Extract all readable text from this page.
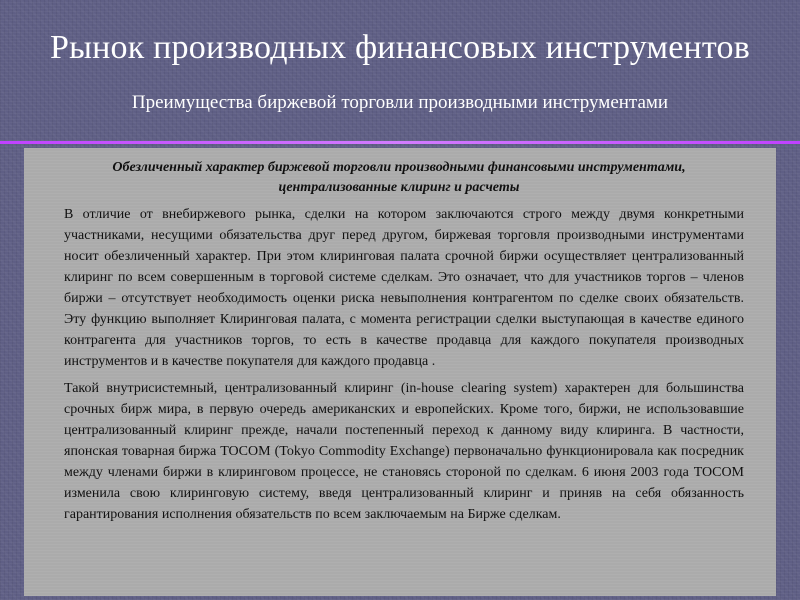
Рынок производных финансовых инструментов
Преимущества биржевой торговли производными инструментами
Обезличенный характер биржевой торговли производными финансовыми инструментами, централизованные клиринг и расчеты

В отличие от внебиржевого рынка, сделки на котором заключаются строго между двумя конкретными участниками, несущими обязательства друг перед другом, биржевая торговля производными инструментами носит обезличенный характер. При этом клиринговая палата срочной биржи осуществляет централизованный клиринг по всем совершенным в торговой системе сделкам. Это означает, что для участников торгов – членов биржи – отсутствует необходимость оценки риска невыполнения контрагентом по сделке своих обязательств. Эту функцию выполняет Клиринговая палата, с момента регистрации сделки выступающая в качестве единого контрагента для участников торгов, то есть в качестве продавца для каждого покупателя производных инструментов и в качестве покупателя для каждого продавца .

Такой внутрисистемный, централизованный клиринг (in-house clearing system) характерен для большинства срочных бирж мира, в первую очередь американских и европейских. Кроме того, биржи, не использовавшие централизованный клиринг прежде, начали постепенный переход к данному виду клиринга. В частности, японская товарная биржа TOCOM (Tokyo Commodity Exchange) первоначально функционировала как посредник между членами биржи в клиринговом процессе, не становясь стороной по сделкам. 6 июня 2003 года TOCOM изменила свою клиринговую систему, введя централизованный клиринг и приняв на себя обязанность гарантирования исполнения обязательств по всем заключаемым на Бирже сделкам.
